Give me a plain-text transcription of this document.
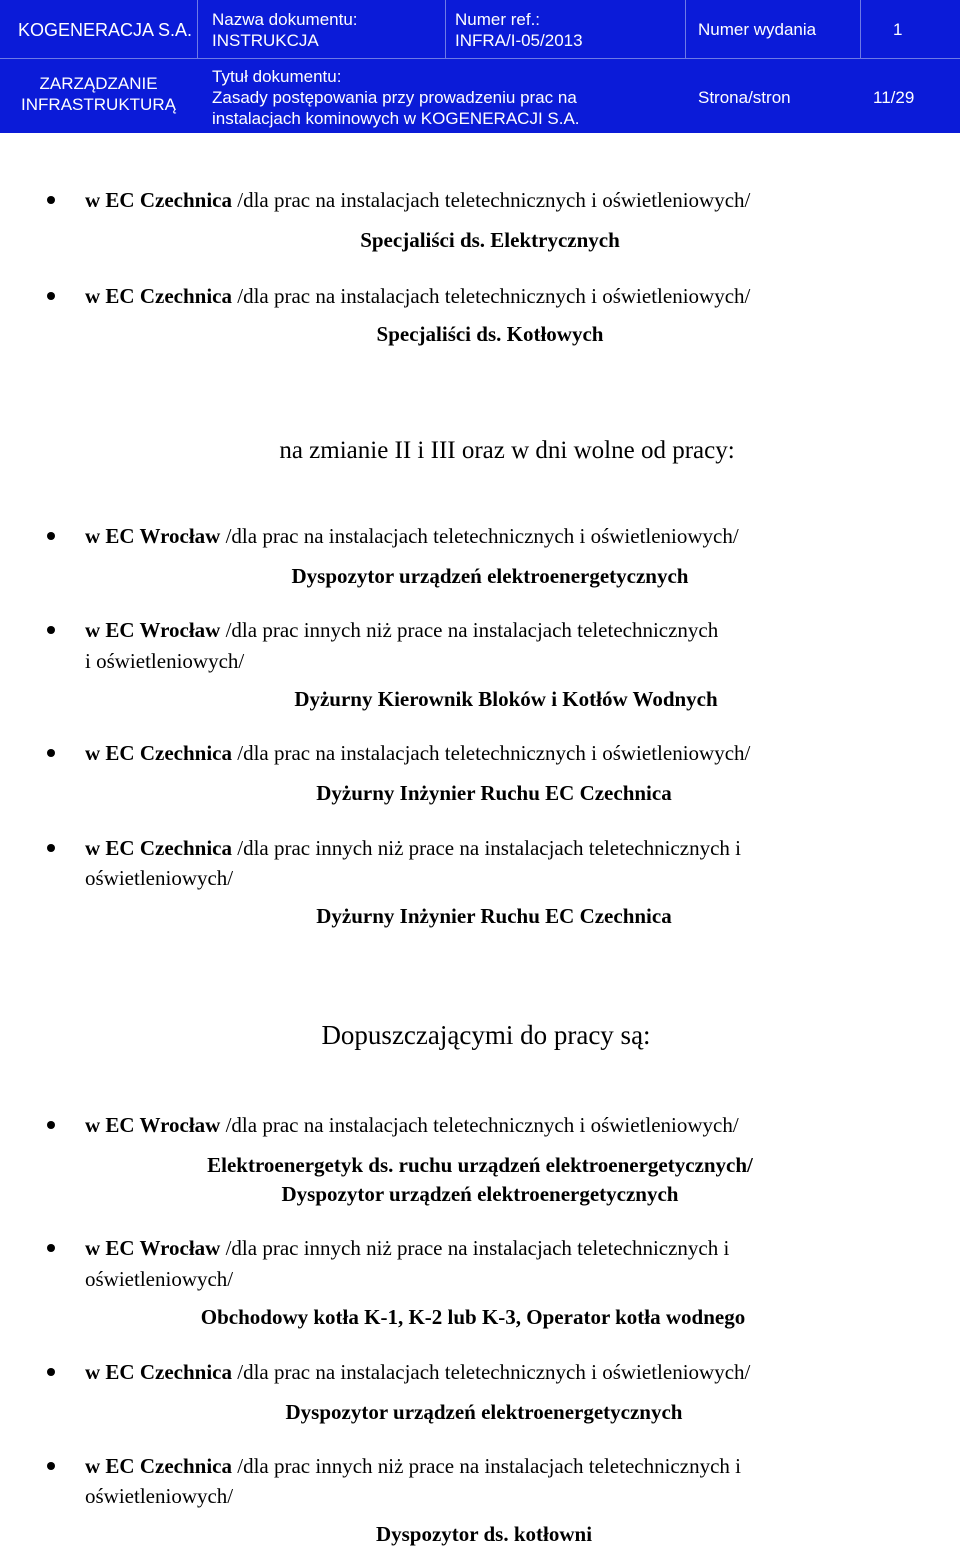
KOGENERACJA S.A.
Nazwa dokumentu:
INSTRUKCJA
Numer ref.:
INFRA/I-05/2013
Numer wydania	1
ZARZĄDZANIE
INFRASTRUKTURĄ
Tytuł dokumentu:
Zasady postępowania przy prowadzeniu prac na
instalacjach kominowych w KOGENERACJI S.A.
Strona/stron	11/29
w EC Czechnica /dla prac na instalacjach teletechnicznych i oświetleniowych/
Specjaliści ds. Elektrycznych
w EC Czechnica /dla prac na instalacjach teletechnicznych i oświetleniowych/
Specjaliści ds. Kotłowych
na zmianie II i III oraz w dni wolne od pracy:
w EC Wrocław /dla prac na instalacjach teletechnicznych i oświetleniowych/
Dyspozytor urządzeń elektroenergetycznych
w EC Wrocław /dla prac innych niż prace na instalacjach teletechnicznych
i oświetleniowych/
Dyżurny Kierownik Bloków i Kotłów Wodnych
w EC Czechnica /dla prac na instalacjach teletechnicznych i oświetleniowych/
Dyżurny Inżynier Ruchu EC Czechnica
w EC Czechnica /dla prac innych niż prace na instalacjach teletechnicznych i
oświetleniowych/
Dyżurny Inżynier Ruchu EC Czechnica
Dopuszczającymi do pracy są:
w EC Wrocław /dla prac na instalacjach teletechnicznych i oświetleniowych/
Elektroenergetyk ds. ruchu urządzeń elektroenergetycznych/
Dyspozytor urządzeń elektroenergetycznych
w EC Wrocław /dla prac innych niż prace na instalacjach teletechnicznych i
oświetleniowych/
Obchodowy kotła K-1, K-2 lub K-3, Operator kotła wodnego
w EC Czechnica /dla prac na instalacjach teletechnicznych i oświetleniowych/
Dyspozytor urządzeń elektroenergetycznych
w EC Czechnica /dla prac innych niż prace na instalacjach teletechnicznych i
oświetleniowych/
Dyspozytor ds. kotłowni
